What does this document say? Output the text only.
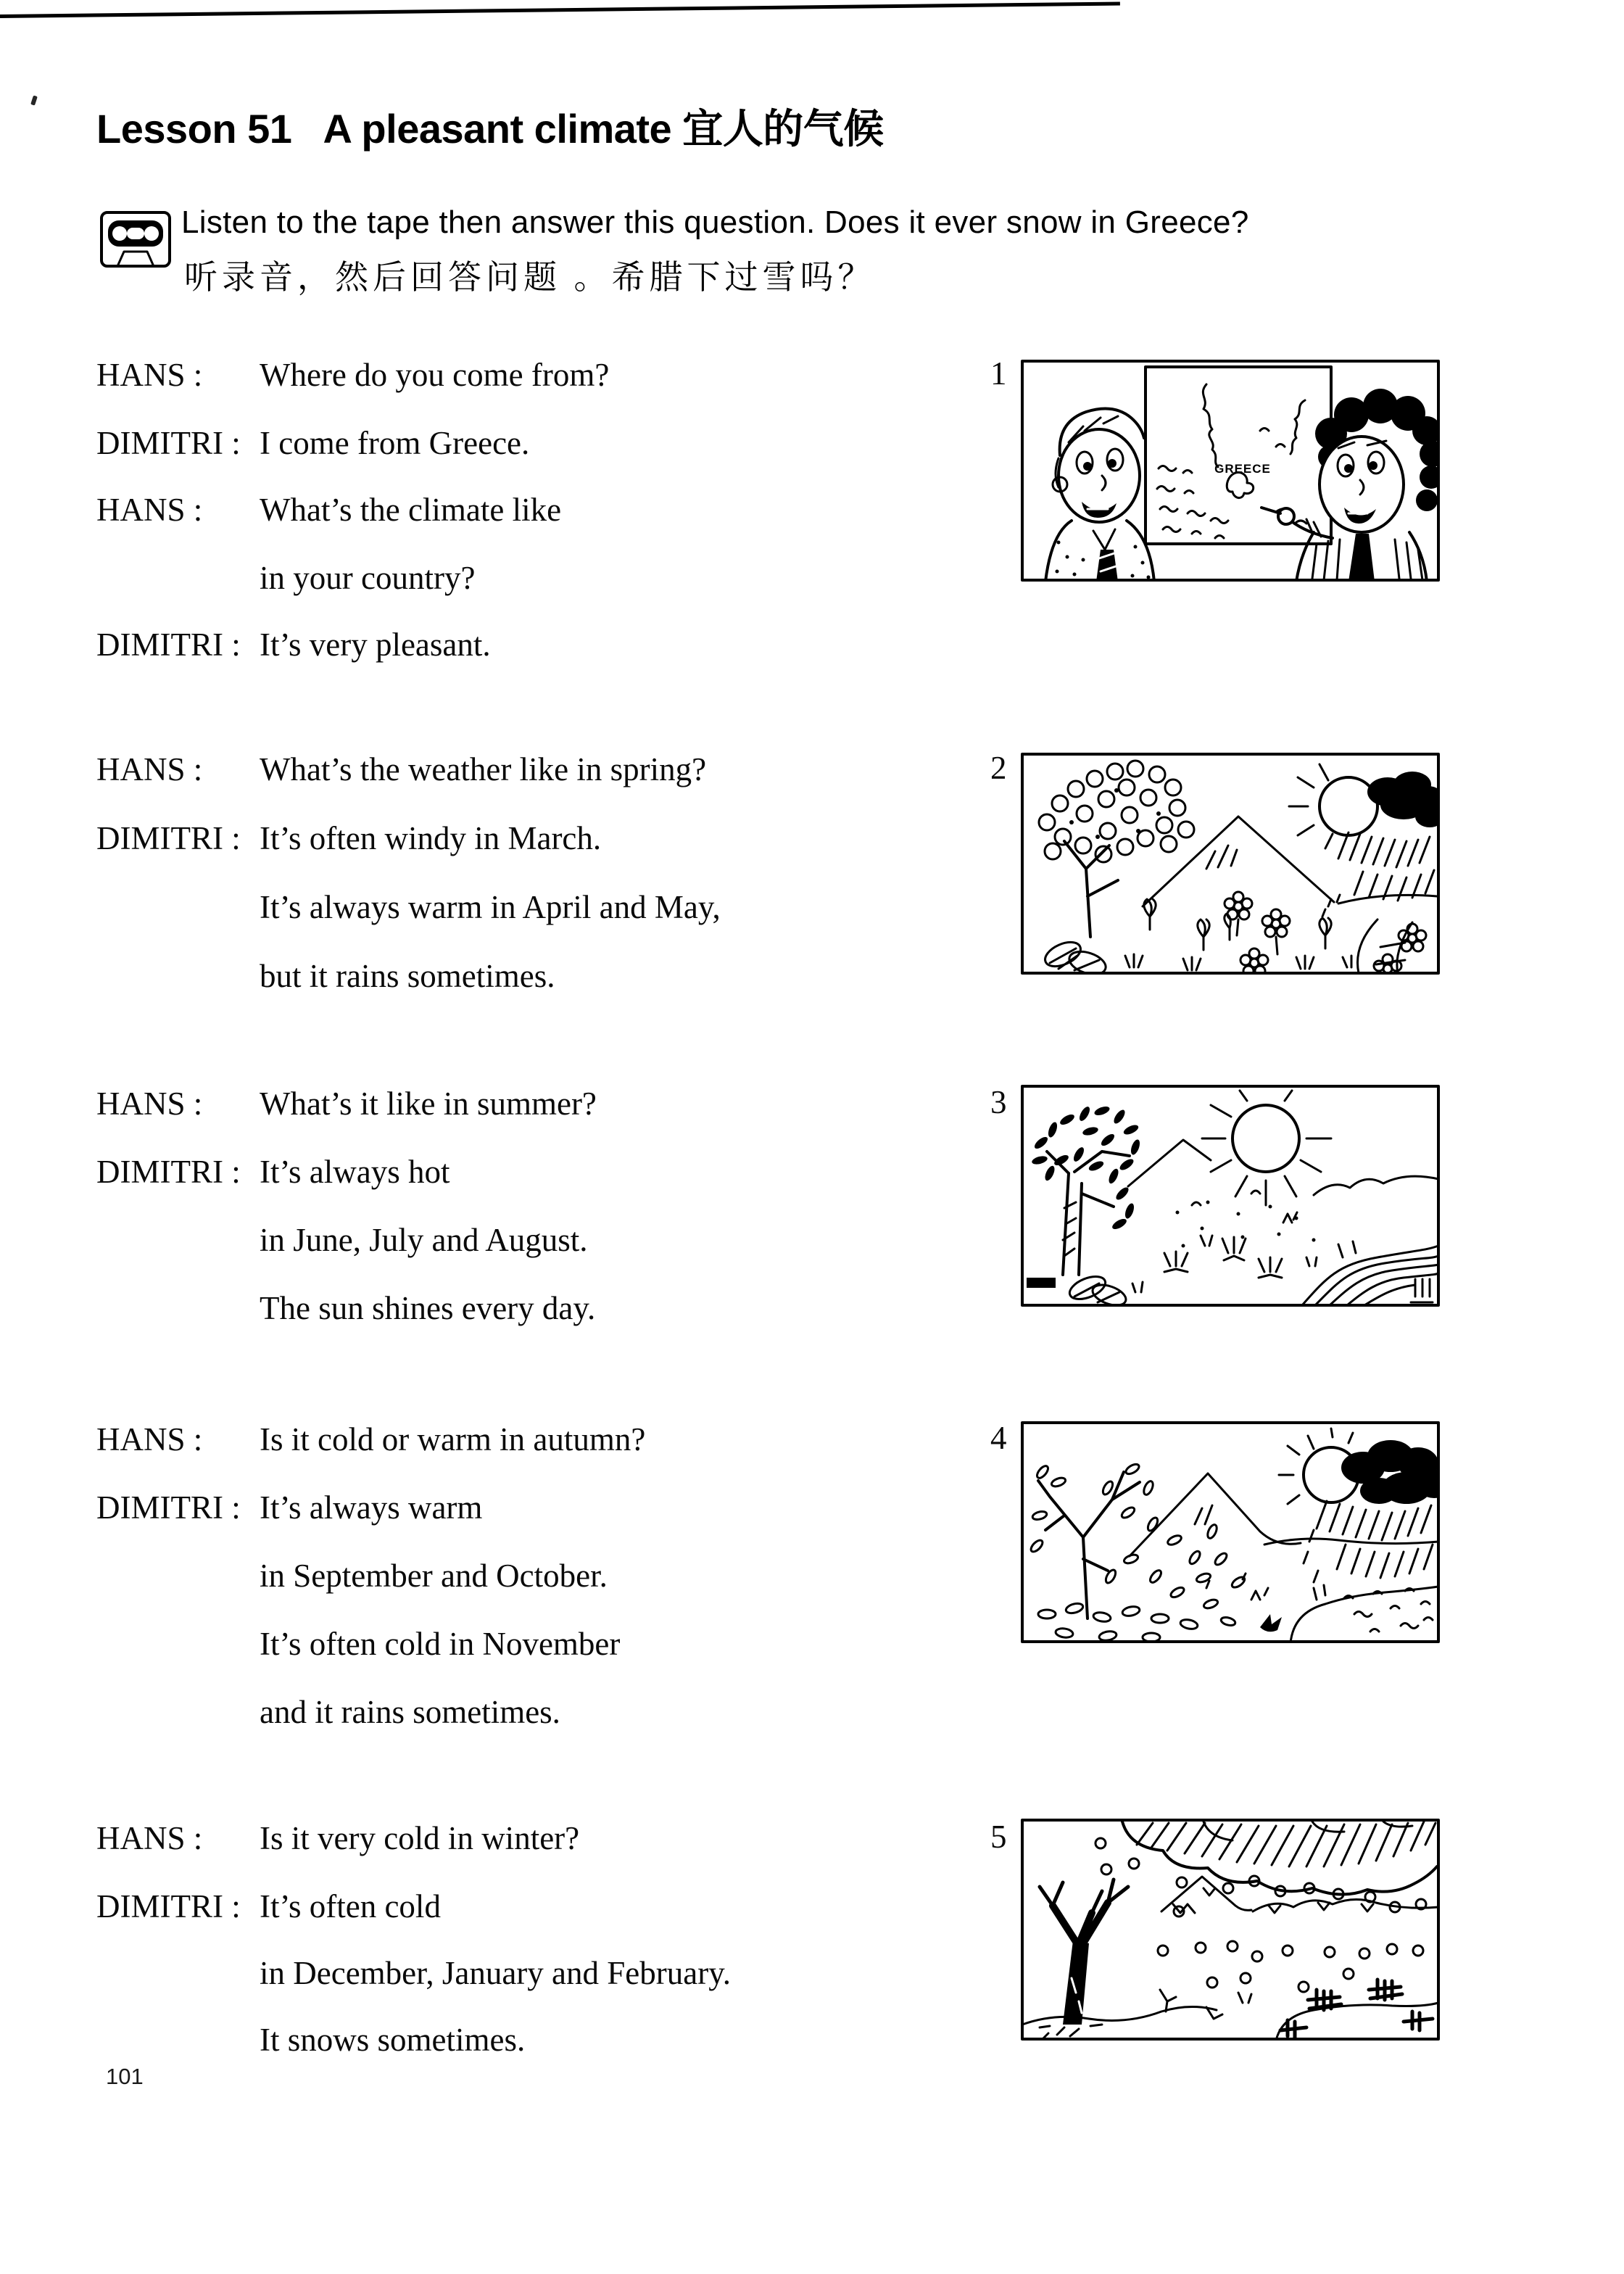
Lesson 51   A pleasant climate 宜人的气候
Listen to the tape then answer this question. Does it ever snow in Greece?
听录音，然后回答问题 。希腊下过雪吗？
HANS : Where do you come from?
DIMITRI : I come from Greece.
HANS : What’s the climate like
in your country?
DIMITRI : It’s very pleasant.
1
HANS : What’s the weather like in spring?
DIMITRI : It’s often windy in March.
It’s always warm in April and May,
but it rains sometimes.
2
HANS : What’s it like in summer?
DIMITRI : It’s always hot
in June, July and August.
The sun shines every day.
3
HANS : Is it cold or warm in autumn?
DIMITRI : It’s always warm
in September and October.
It’s often cold in November
and it rains sometimes.
4
HANS : Is it very cold in winter?
DIMITRI : It’s often cold
in December, January and February.
It snows sometimes.
5
GREECE
101
